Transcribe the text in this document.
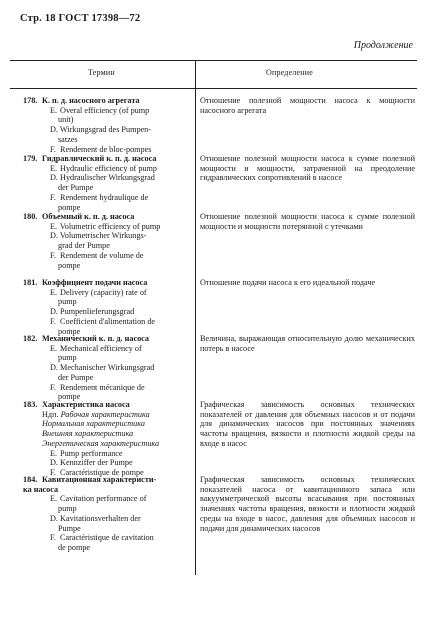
Стр. 18 ГОСТ 17398—72
Продолжение
Термин	Определение
178. К. п. д. насосного агрегата
E. Overal efficiency (of pump
unit)
D. Wirkungsgrad des Pumpen-
satzes
F. Rendement de bloc-pompes
179. Гидравлический к. п. д. насоса
E. Hydraulic efficiency of pump
D. Hydraulischer Wirkungsgrad
der Pumpe
F. Rendement hydraulique de
pompe
180. Объемный к. п. д. насоса
E. Volumetric efficiency of pump
D. Volumetrischer Wirkungs-
grad der Pumpe
F. Rendement de volume de
pompe
181. Коэффициент подачи насоса
E. Delivery (capacity) rate of
pump
D. Pumpenlieferungsgrad
F. Coefficient d'alimentation de
pompe
182. Механический к. п. д. насоса
E. Mechanical efficiency of
pump
D. Mechanischer Wirkungsgrad
der Pumpe
F. Rendement mécanique de
pompe
183. Характеристика насоса
Ндп. Рабочая характеристика
Нормальная характеристика
Внешняя характеристика
Энергетическая характеристика
E. Pump performance
D. Kennziffer der Pumpe
F. Caractéristique de pompe
184. Кавитационная характеристи-
ка насоса
E. Cavitation performance of
pump
D. Kavitationsverhalten der
Pumpe
F. Caractéristique de cavitation
de pompe
Отношение полезной мощности насоса к мощности насосного агрегата
Отношение полезной мощности насоса к сумме полезной мощности и мощности, затраченной на преодоление гидравлических сопротивлений в насосе
Отношение полезной мощности насоса к сумме полезной мощности и мощности потерянной с утечками
Отношение подачи насоса к его идеальной подаче
Величина, выражающая относительную долю механических потерь в насосе
Графическая зависимость основных технических показателей от давления для объемных насосов и от подачи для динамических насосов при постоянных значениях частоты вращения, вязкости и плотности жидкой среды на входе в насос
Графическая зависимость основных технических показателей насоса от кавитационного запаса или вакуумметрической высоты всасывания при постоянных значениях частоты вращения, вязкости и плотности жидкой среды на входе в насос, давления для объемных насосов и подачи для динамических насосов
